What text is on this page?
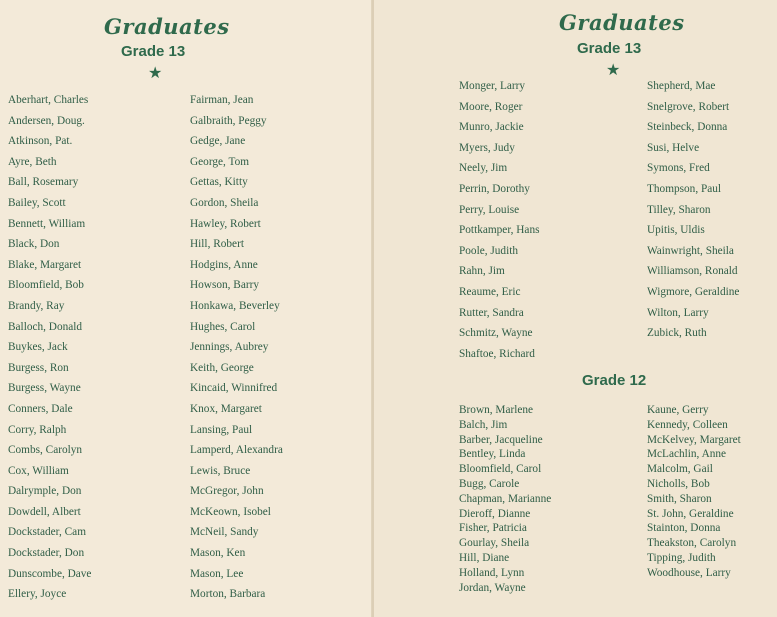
Graduates
Grade 13
★
Aberhart, Charles
Andersen, Doug.
Atkinson, Pat.
Ayre, Beth
Ball, Rosemary
Bailey, Scott
Bennett, William
Black, Don
Blake, Margaret
Bloomfield, Bob
Brandy, Ray
Balloch, Donald
Buykes, Jack
Burgess, Ron
Burgess, Wayne
Conners, Dale
Corry, Ralph
Combs, Carolyn
Cox, William
Dalrymple, Don
Dowdell, Albert
Dockstader, Cam
Dockstader, Don
Dunscombe, Dave
Ellery, Joyce
Fairman, Jean
Galbraith, Peggy
Gedge, Jane
George, Tom
Gettas, Kitty
Gordon, Sheila
Hawley, Robert
Hill, Robert
Hodgins, Anne
Howson, Barry
Honkawa, Beverley
Hughes, Carol
Jennings, Aubrey
Keith, George
Kincaid, Winnifred
Knox, Margaret
Lansing, Paul
Lamperd, Alexandra
Lewis, Bruce
McGregor, John
McKeown, Isobel
McNeil, Sandy
Mason, Ken
Mason, Lee
Morton, Barbara
Graduates
Grade 13
★
Monger, Larry
Moore, Roger
Munro, Jackie
Myers, Judy
Neely, Jim
Perrin, Dorothy
Perry, Louise
Pottkamper, Hans
Poole, Judith
Rahn, Jim
Reaume, Eric
Rutter, Sandra
Schmitz, Wayne
Shaftoe, Richard
Shepherd, Mae
Snelgrove, Robert
Steinbeck, Donna
Susi, Helve
Symons, Fred
Thompson, Paul
Tilley, Sharon
Upitis, Uldis
Wainwright, Sheila
Williamson, Ronald
Wigmore, Geraldine
Wilton, Larry
Zubick, Ruth
Grade 12
Brown, Marlene
Balch, Jim
Barber, Jacqueline
Bentley, Linda
Bloomfield, Carol
Bugg, Carole
Chapman, Marianne
Dieroff, Dianne
Fisher, Patricia
Gourlay, Sheila
Hill, Diane
Holland, Lynn
Jordan, Wayne
Kaune, Gerry
Kennedy, Colleen
McKelvey, Margaret
McLachlin, Anne
Malcolm, Gail
Nicholls, Bob
Smith, Sharon
St. John, Geraldine
Stainton, Donna
Theakston, Carolyn
Tipping, Judith
Woodhouse, Larry
